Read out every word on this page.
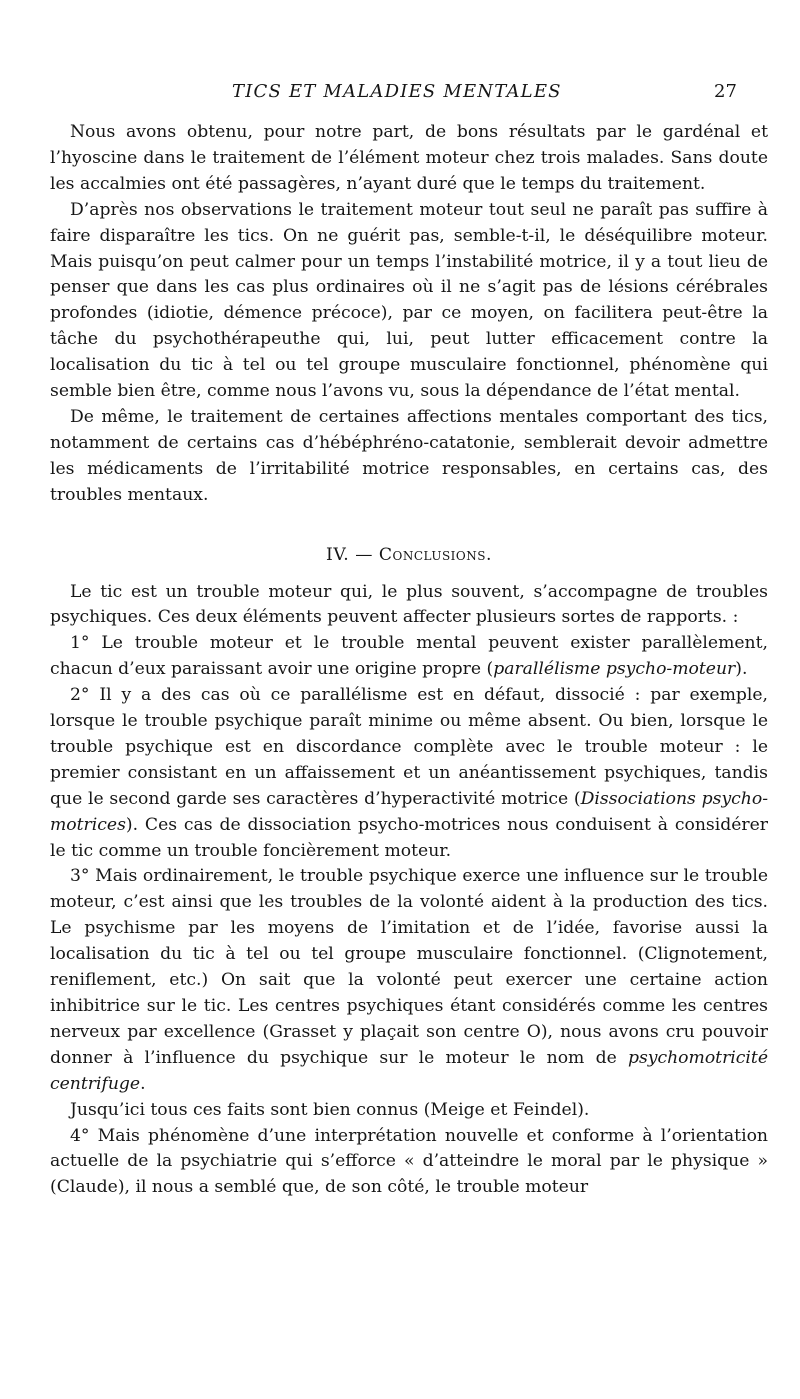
TICS ET MALADIES MENTALES	27

Nous avons obtenu, pour notre part, de bons résultats par le gardénal et l’hyoscine dans le traitement de l’élément moteur chez trois malades. Sans doute les accalmies ont été passagères, n’ayant duré que le temps du traitement.

D’après nos observations le traitement moteur tout seul ne paraît pas suffire à faire disparaître les tics. On ne guérit pas, semble-t-il, le déséquilibre moteur. Mais puisqu’on peut calmer pour un temps l’instabilité motrice, il y a tout lieu de penser que dans les cas plus ordinaires où il ne s’agit pas de lésions cérébrales profondes (idiotie, démence précoce), par ce moyen, on facilitera peut-être la tâche du psychothérapeuthe qui, lui, peut lutter efficacement contre la localisation du tic à tel ou tel groupe musculaire fonctionnel, phénomène qui semble bien être, comme nous l’avons vu, sous la dépendance de l’état mental.

De même, le traitement de certaines affections mentales comportant des tics, notamment de certains cas d’hébéphréno-catatonie, semblerait devoir admettre les médicaments de l’irritabilité motrice responsables, en certains cas, des troubles mentaux.

IV. — Conclusions.

Le tic est un trouble moteur qui, le plus souvent, s’accompagne de troubles psychiques. Ces deux éléments peuvent affecter plusieurs sortes de rapports. :

1° Le trouble moteur et le trouble mental peuvent exister parallèlement, chacun d’eux paraissant avoir une origine propre (parallélisme psycho-moteur).

2° Il y a des cas où ce parallélisme est en défaut, dissocié : par exemple, lorsque le trouble psychique paraît minime ou même absent. Ou bien, lorsque le trouble psychique est en discordance complète avec le trouble moteur : le premier consistant en un affaissement et un anéantissement psychiques, tandis que le second garde ses caractères d’hyperactivité motrice (Dissociations psycho-motrices). Ces cas de dissociation psycho-motrices nous conduisent à considérer le tic comme un trouble foncièrement moteur.

3° Mais ordinairement, le trouble psychique exerce une influence sur le trouble moteur, c’est ainsi que les troubles de la volonté aident à la production des tics. Le psychisme par les moyens de l’imitation et de l’idée, favorise aussi la localisation du tic à tel ou tel groupe musculaire fonctionnel. (Clignotement, reniflement, etc.) On sait que la volonté peut exercer une certaine action inhibitrice sur le tic. Les centres psychiques étant considérés comme les centres nerveux par excellence (Grasset y plaçait son centre O), nous avons cru pouvoir donner à l’influence du psychique sur le moteur le nom de psychomotricité centrifuge.

Jusqu’ici tous ces faits sont bien connus (Meige et Feindel).

4° Mais phénomène d’une interprétation nouvelle et conforme à l’orientation actuelle de la psychiatrie qui s’efforce « d’atteindre le moral par le physique » (Claude), il nous a semblé que, de son côté, le trouble moteur
